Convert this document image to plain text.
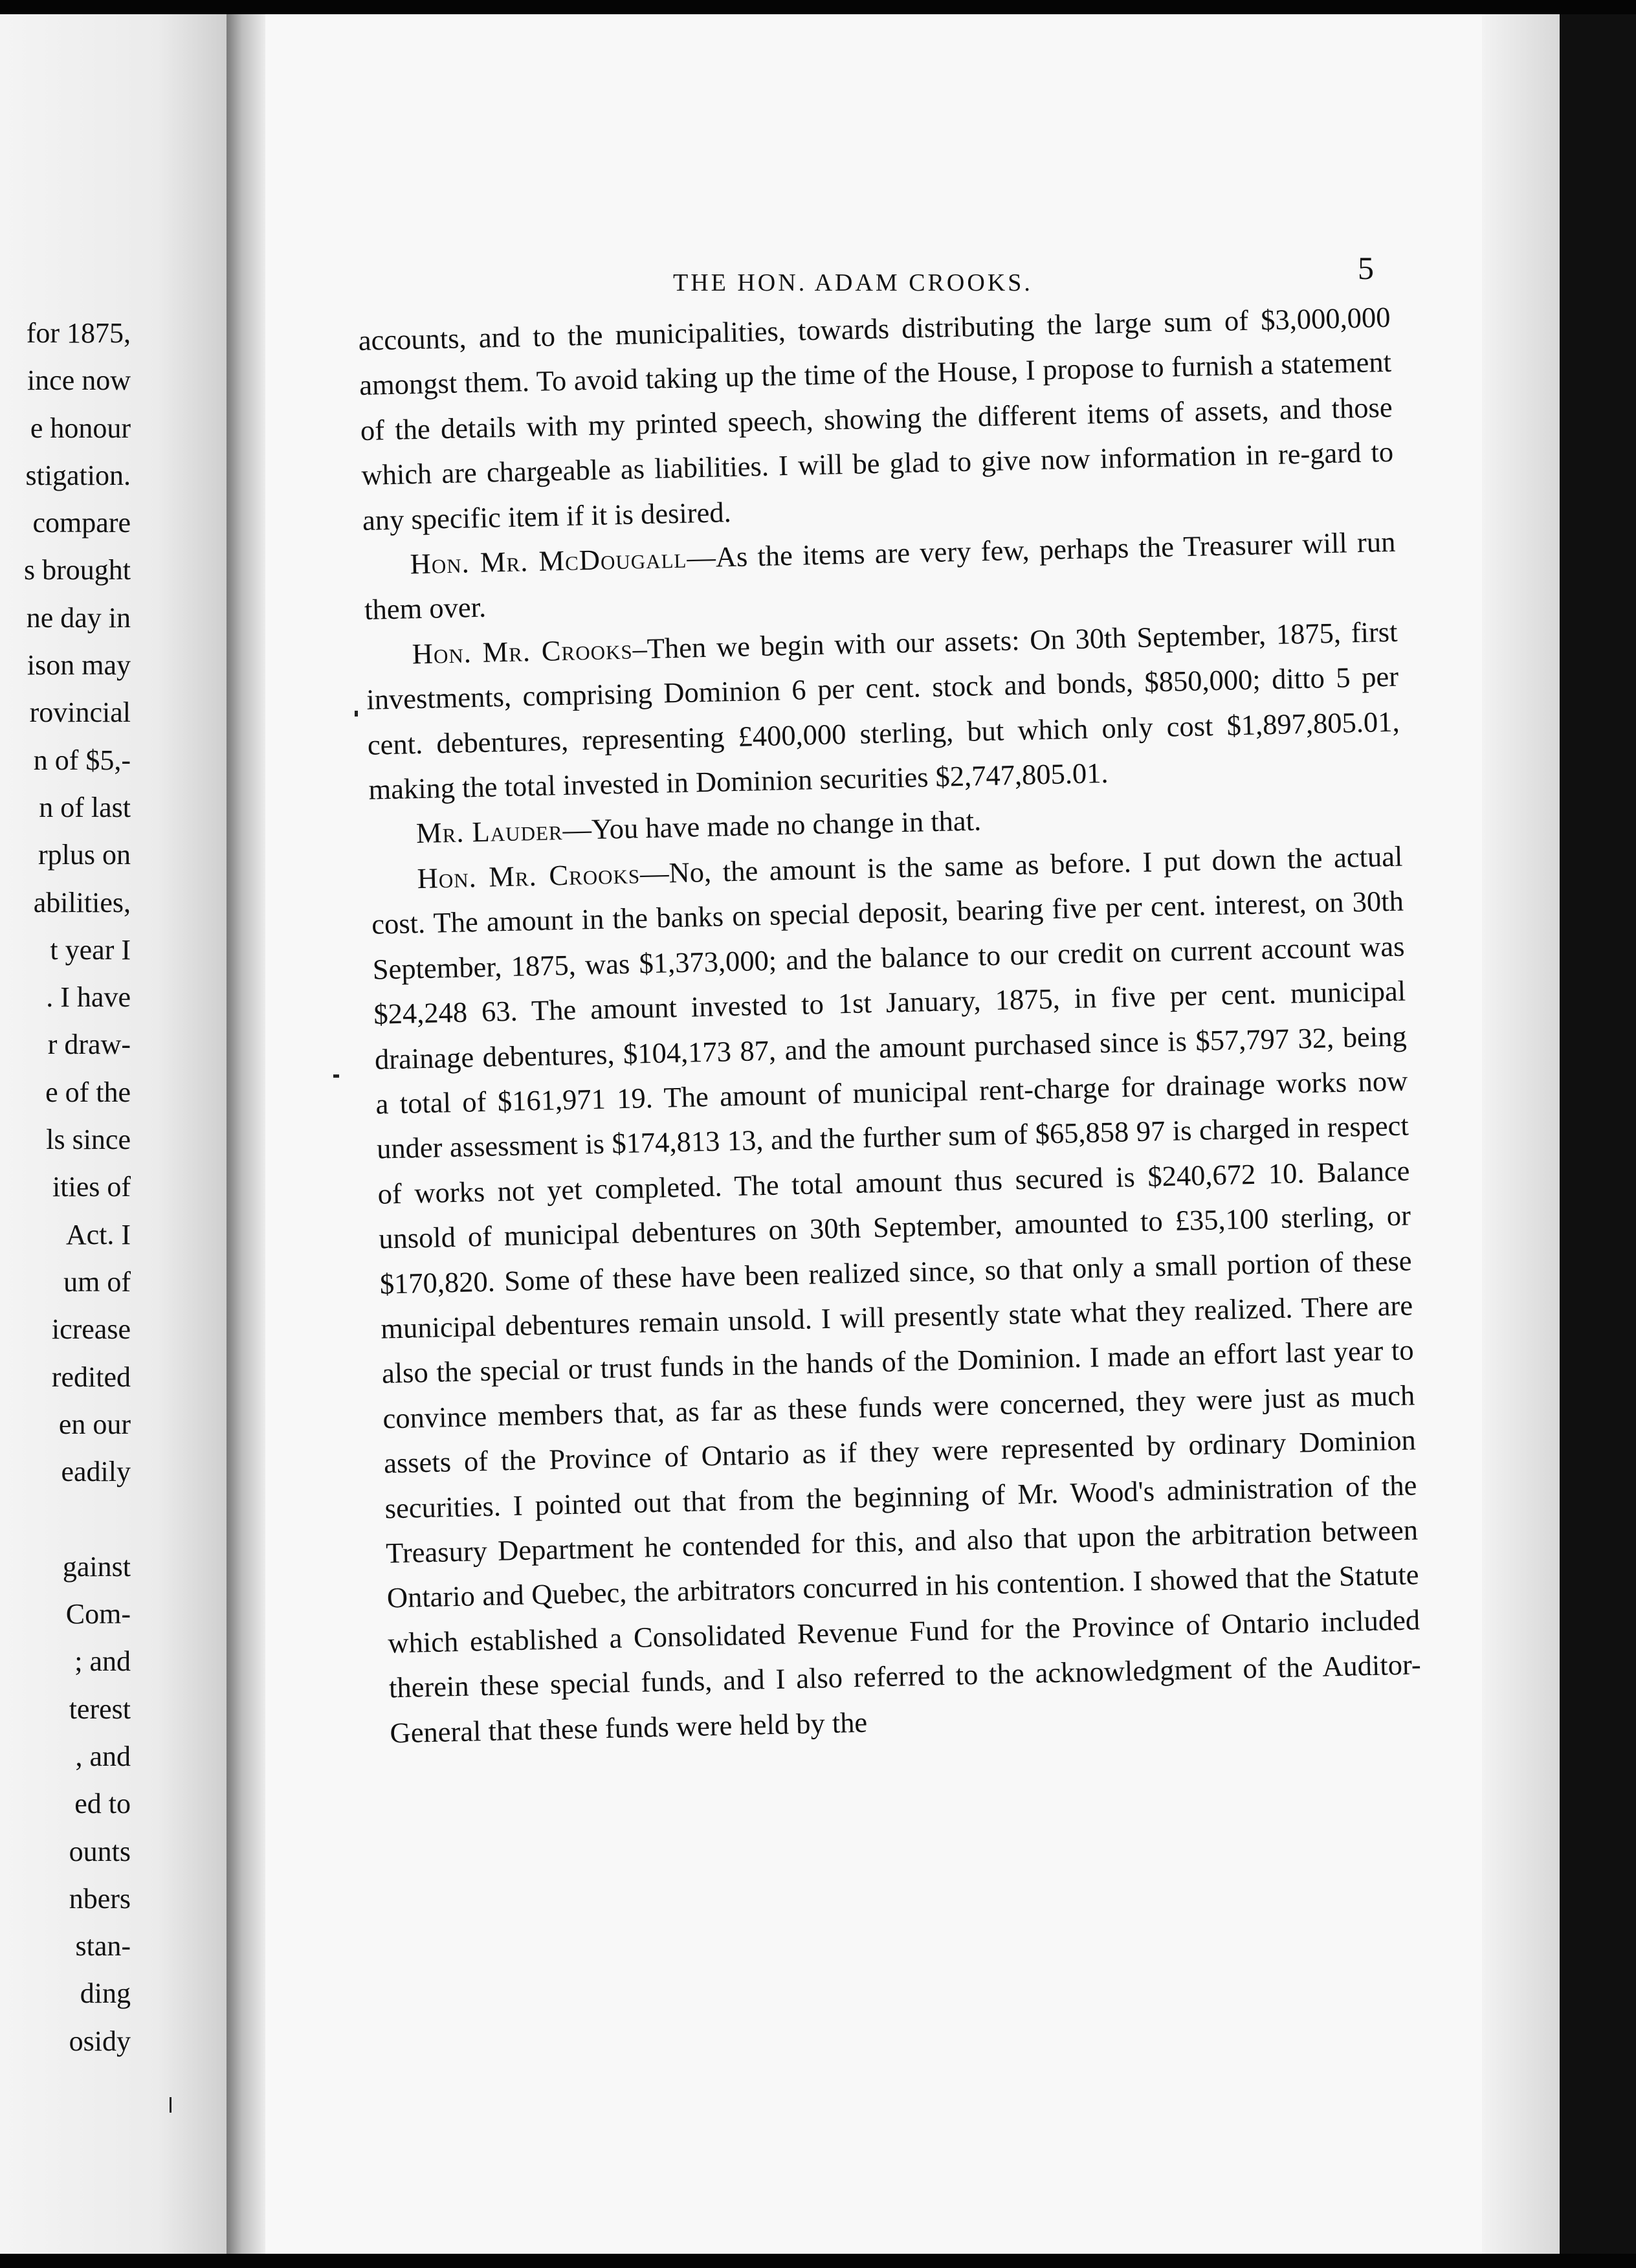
for 1875,
ince now
e honour
stigation.
compare
s brought
ne day in
ison may
rovincial
n of $5,-
n of last
rplus on
abilities,
t year I
. I have
r draw-
e of the
ls since
ities of
Act. I
um of
icrease
redited
en our
eadily
gainst
Com-
; and
terest
, and
ed to
ounts
nbers
stan-
ding
osidy
THE HON. ADAM CROOKS.	5

accounts, and to the municipalities, towards distributing the large sum of $3,000,000 amongst them. To avoid taking up the time of the House, I propose to furnish a statement of the details with my printed speech, showing the different items of assets, and those which are chargeable as liabilities. I will be glad to give now information in re-gard to any specific item if it is desired.

Hon. Mr. McDougall—As the items are very few, perhaps the Treasurer will run them over.

Hon. Mr. Crooks–Then we begin with our assets: On 30th September, 1875, first investments, comprising Dominion 6 per cent. stock and bonds, $850,000; ditto 5 per cent. debentures, representing £400,000 sterling, but which only cost $1,897,805.01, making the total invested in Dominion securities $2,747,805.01.

Mr. Lauder—You have made no change in that.

Hon. Mr. Crooks—No, the amount is the same as before. I put down the actual cost. The amount in the banks on special deposit, bearing five per cent. interest, on 30th September, 1875, was $1,373,000; and the balance to our credit on current account was $24,248 63. The amount invested to 1st January, 1875, in five per cent. municipal drainage debentures, $104,173 87, and the amount purchased since is $57,797 32, being a total of $161,971 19. The amount of municipal rent-charge for drainage works now under assessment is $174,813 13, and the further sum of $65,858 97 is charged in respect of works not yet completed. The total amount thus secured is $240,672 10. Balance unsold of municipal debentures on 30th September, amounted to £35,100 sterling, or $170,820. Some of these have been realized since, so that only a small portion of these municipal debentures remain unsold. I will presently state what they realized. There are also the special or trust funds in the hands of the Dominion. I made an effort last year to convince members that, as far as these funds were concerned, they were just as much assets of the Province of Ontario as if they were represented by ordinary Dominion securities. I pointed out that from the beginning of Mr. Wood's administration of the Treasury Department he contended for this, and also that upon the arbitration between Ontario and Quebec, the arbitrators concurred in his contention. I showed that the Statute which established a Consolidated Revenue Fund for the Province of Ontario included therein these special funds, and I also referred to the acknowledgment of the Auditor-General that these funds were held by the
